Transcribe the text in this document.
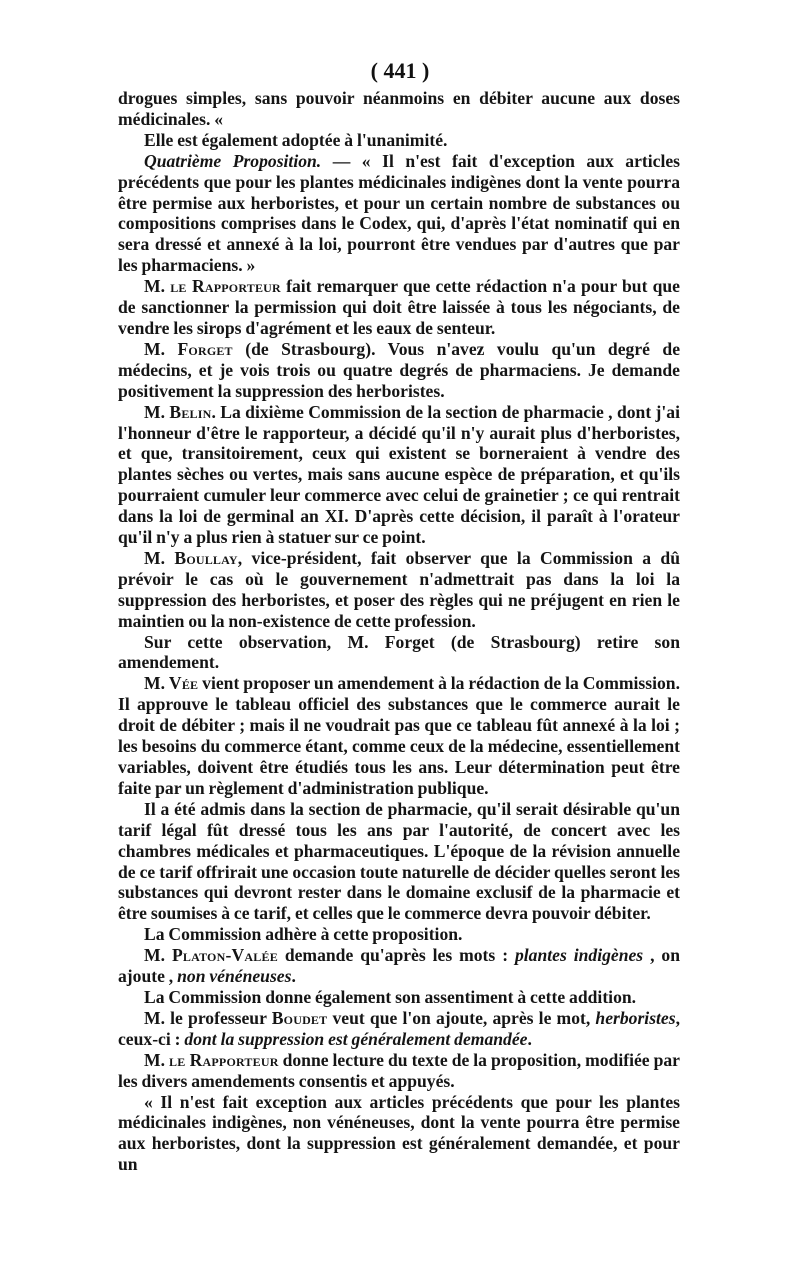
( 441 )

drogues simples, sans pouvoir néanmoins en débiter aucune aux doses médicinales. «

Elle est également adoptée à l'unanimité.

Quatrième Proposition. — « Il n'est fait d'exception aux articles précédents que pour les plantes médicinales indigènes dont la vente pourra être permise aux herboristes, et pour un certain nombre de substances ou compositions comprises dans le Codex, qui, d'après l'état nominatif qui en sera dressé et annexé à la loi, pourront être vendues par d'autres que par les pharmaciens. »

M. le Rapporteur fait remarquer que cette rédaction n'a pour but que de sanctionner la permission qui doit être laissée à tous les négociants, de vendre les sirops d'agrément et les eaux de senteur.

M. Forget (de Strasbourg). Vous n'avez voulu qu'un degré de médecins, et je vois trois ou quatre degrés de pharmaciens. Je demande positivement la suppression des herboristes.

M. Belin. La dixième Commission de la section de pharmacie , dont j'ai l'honneur d'être le rapporteur, a décidé qu'il n'y aurait plus d'herboristes, et que, transitoirement, ceux qui existent se borneraient à vendre des plantes sèches ou vertes, mais sans aucune espèce de préparation, et qu'ils pourraient cumuler leur commerce avec celui de grainetier ; ce qui rentrait dans la loi de germinal an XI. D'après cette décision, il paraît à l'orateur qu'il n'y a plus rien à statuer sur ce point.

M. Boullay, vice-président, fait observer que la Commission a dû prévoir le cas où le gouvernement n'admettrait pas dans la loi la suppression des herboristes, et poser des règles qui ne préjugent en rien le maintien ou la non-existence de cette profession.

Sur cette observation, M. Forget (de Strasbourg) retire son amendement.

M. Vée vient proposer un amendement à la rédaction de la Commission. Il approuve le tableau officiel des substances que le commerce aurait le droit de débiter ; mais il ne voudrait pas que ce tableau fût annexé à la loi ; les besoins du commerce étant, comme ceux de la médecine, essentiellement variables, doivent être étudiés tous les ans. Leur détermination peut être faite par un règlement d'administration publique.

Il a été admis dans la section de pharmacie, qu'il serait désirable qu'un tarif légal fût dressé tous les ans par l'autorité, de concert avec les chambres médicales et pharmaceutiques. L'époque de la révision annuelle de ce tarif offrirait une occasion toute naturelle de décider quelles seront les substances qui devront rester dans le domaine exclusif de la pharmacie et être soumises à ce tarif, et celles que le commerce devra pouvoir débiter.

La Commission adhère à cette proposition.

M. Platon-Valée demande qu'après les mots : plantes indigènes , on ajoute , non vénéneuses.

La Commission donne également son assentiment à cette addition.

M. le professeur Boudet veut que l'on ajoute, après le mot, herboristes, ceux-ci : dont la suppression est généralement demandée.

M. le Rapporteur donne lecture du texte de la proposition, modifiée par les divers amendements consentis et appuyés.

« Il n'est fait exception aux articles précédents que pour les plantes médicinales indigènes, non vénéneuses, dont la vente pourra être permise aux herboristes, dont la suppression est généralement demandée, et pour un
